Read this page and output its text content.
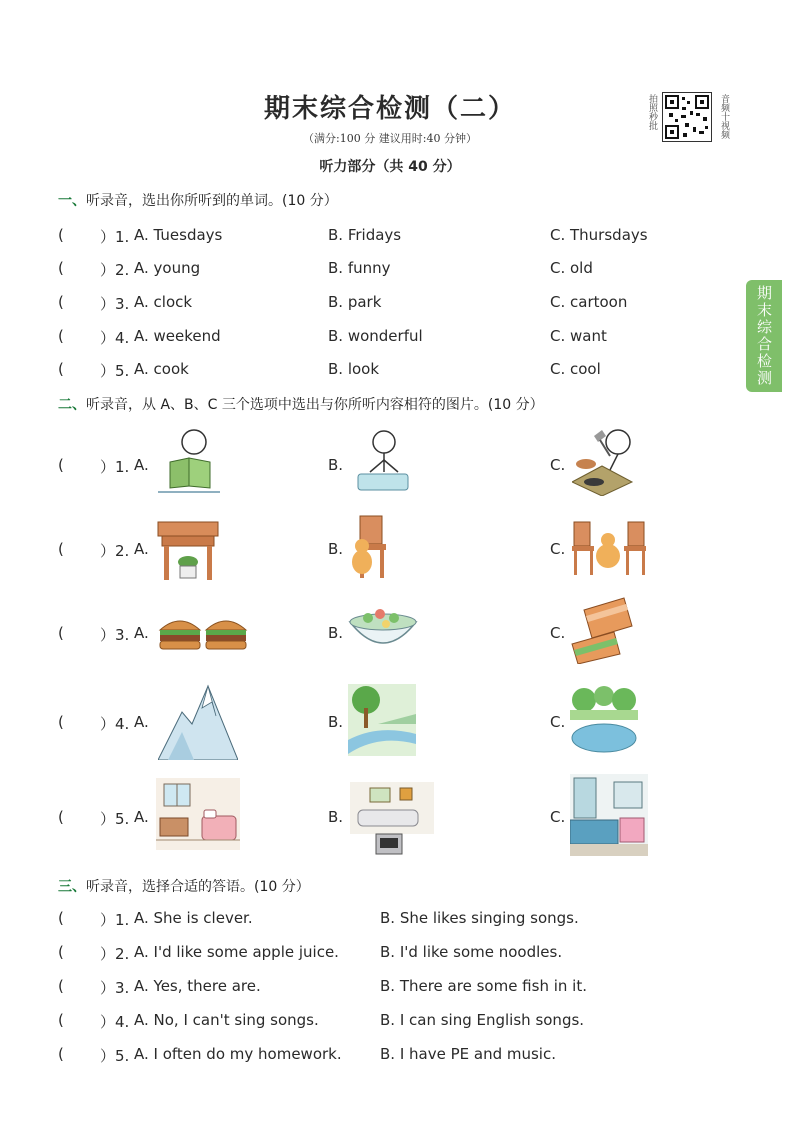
期末综合检测（二）
（满分:100 分 建议用时:40 分钟）
听力部分（共 40 分）
拍照秒批	音频十视频
期末综合检测
一、听录音，选出你所听到的单词。(10 分）
( ）1. A. Tuesdays	B. Fridays	C. Thursdays
( ）2. A. young	B. funny	C. old
( ）3. A. clock	B. park	C. cartoon
( ）4. A. weekend	B. wonderful	C. want
( ）5. A. cook	B. look	C. cool
二、听录音，从 A、B、C 三个选项中选出与你所听内容相符的图片。(10 分）
( ）1. A.	B.	C.
( ）2. A.	B.	C.
( ）3. A.	B.	C.
( ）4. A.	B.	C.
( ）5. A.	B.	C.
三、听录音，选择合适的答语。(10 分）
( ）1. A. She is clever.	B. She likes singing songs.
( ）2. A. I'd like some apple juice.	B. I'd like some noodles.
( ）3. A. Yes, there are.	B. There are some fish in it.
( ）4. A. No, I can't sing songs.	B. I can sing English songs.
( ）5. A. I often do my homework.	B. I have PE and music.
